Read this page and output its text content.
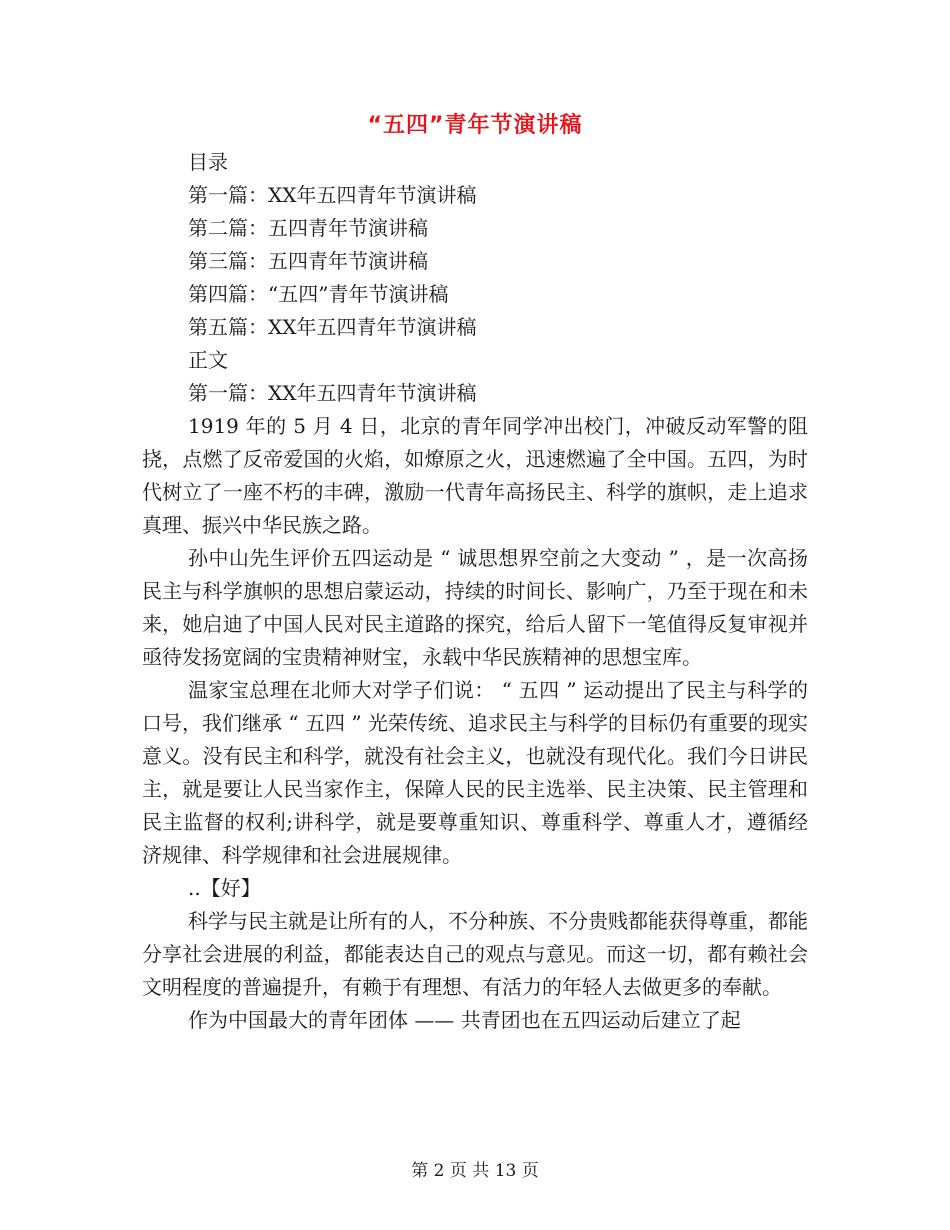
“五四”青年节演讲稿
目录
第一篇：XX年五四青年节演讲稿
第二篇：五四青年节演讲稿
第三篇：五四青年节演讲稿
第四篇：“五四”青年节演讲稿
第五篇：XX年五四青年节演讲稿
正文
第一篇：XX年五四青年节演讲稿

1919 年的 5 月 4 日，北京的青年同学冲出校门，冲破反动军警的阻挠，点燃了反帝爱国的火焰，如燎原之火，迅速燃遍了全中国。五四，为时代树立了一座不朽的丰碑，激励一代青年高扬民主、科学的旗帜，走上追求真理、振兴中华民族之路。

孙中山先生评价五四运动是 “ 诚思想界空前之大变动 ” ，是一次高扬民主与科学旗帜的思想启蒙运动，持续的时间长、影响广，乃至于现在和未来，她启迪了中国人民对民主道路的探究，给后人留下一笔值得反复审视并亟待发扬宽阔的宝贵精神财宝，永载中华民族精神的思想宝库。

温家宝总理在北师大对学子们说： “ 五四 ” 运动提出了民主与科学的口号，我们继承 “ 五四 ” 光荣传统、追求民主与科学的目标仍有重要的现实意义。没有民主和科学，就没有社会主义，也就没有现代化。我们今日讲民主，就是要让人民当家作主，保障人民的民主选举、民主决策、民主管理和民主监督的权利;讲科学，就是要尊重知识、尊重科学、尊重人才，遵循经济规律、科学规律和社会进展规律。

..【好】

科学与民主就是让所有的人，不分种族、不分贵贱都能获得尊重，都能分享社会进展的利益，都能表达自己的观点与意见。而这一切，都有赖社会文明程度的普遍提升，有赖于有理想、有活力的年轻人去做更多的奉献。

作为中国最大的青年团体 —— 共青团也在五四运动后建立了起

第 2 页 共 13 页
